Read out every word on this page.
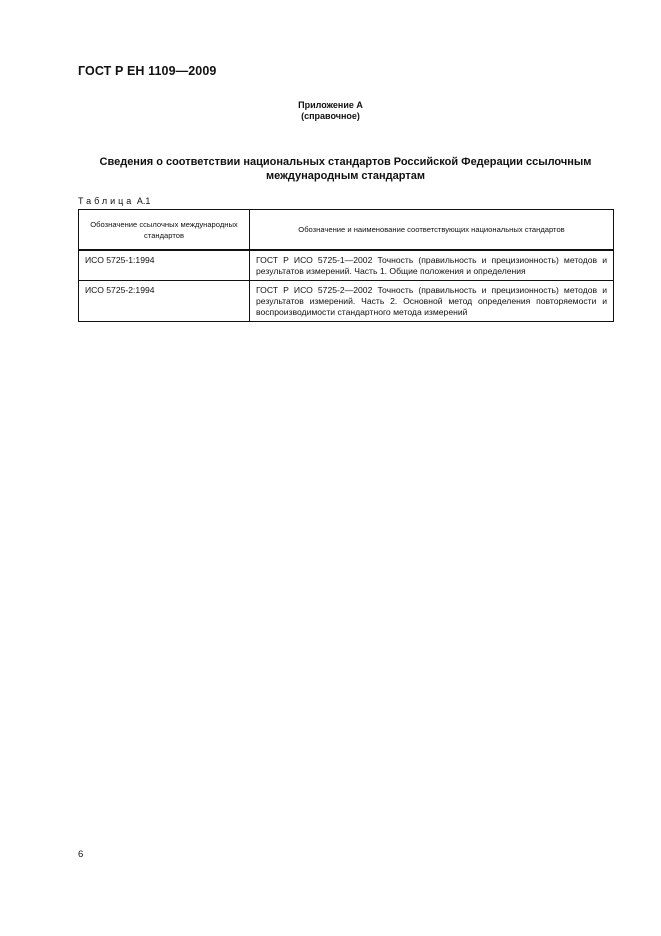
ГОСТ Р ЕН 1109—2009
Приложение А
(справочное)
Сведения о соответствии национальных стандартов Российской Федерации ссылочным
международным стандартам
Таблица А.1
Обозначение ссылочных международных стандартов	Обозначение и наименование соответствующих национальных стандартов
ИСО 5725-1:1994	ГОСТ Р ИСО 5725-1—2002 Точность (правильность и прецизионность) методов и результатов измерений. Часть 1. Общие положения и определения
ИСО 5725-2:1994	ГОСТ Р ИСО 5725-2—2002 Точность (правильность и прецизионность) методов и результатов измерений. Часть 2. Основной метод определения повторяемости и воспроизводимости стандартного метода измерений
6
